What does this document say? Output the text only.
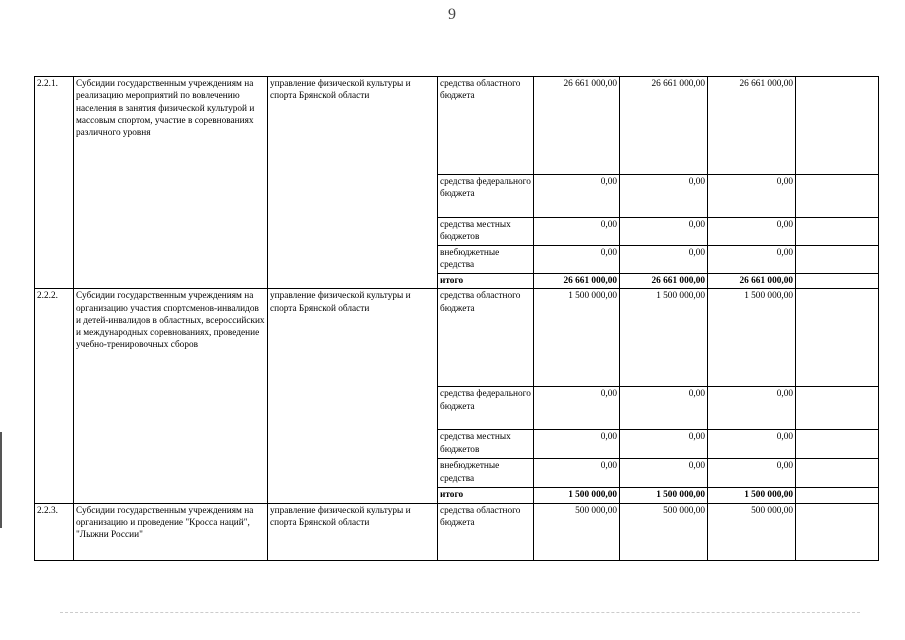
9
2.2.1.	Субсидии государственным учреждениям на реализацию мероприятий по вовлечению населения в занятия физической культурой и массовым спортом, участие в соревнованиях различного уровня	управление физической культуры и спорта Брянской области	средства областного бюджета	26 661 000,00	26 661 000,00	26 661 000,00	
			средства федерального бюджета	0,00	0,00	0,00	
			средства местных бюджетов	0,00	0,00	0,00	
			внебюджетные средства	0,00	0,00	0,00	
			итого	26 661 000,00	26 661 000,00	26 661 000,00	
2.2.2.	Субсидии государственным учреждениям на организацию участия спортсменов-инвалидов и детей-инвалидов в областных, всероссийских и международных соревнованиях, проведение учебно-тренировочных сборов	управление физической культуры и спорта Брянской области	средства областного бюджета	1 500 000,00	1 500 000,00	1 500 000,00	
			средства федерального бюджета	0,00	0,00	0,00	
			средства местных бюджетов	0,00	0,00	0,00	
			внебюджетные средства	0,00	0,00	0,00	
			итого	1 500 000,00	1 500 000,00	1 500 000,00	
2.2.3.	Субсидии государственным учреждениям на организацию и проведение "Кросса наций", "Лыжни России"	управление физической культуры и спорта Брянской области	средства областного бюджета	500 000,00	500 000,00	500 000,00	
